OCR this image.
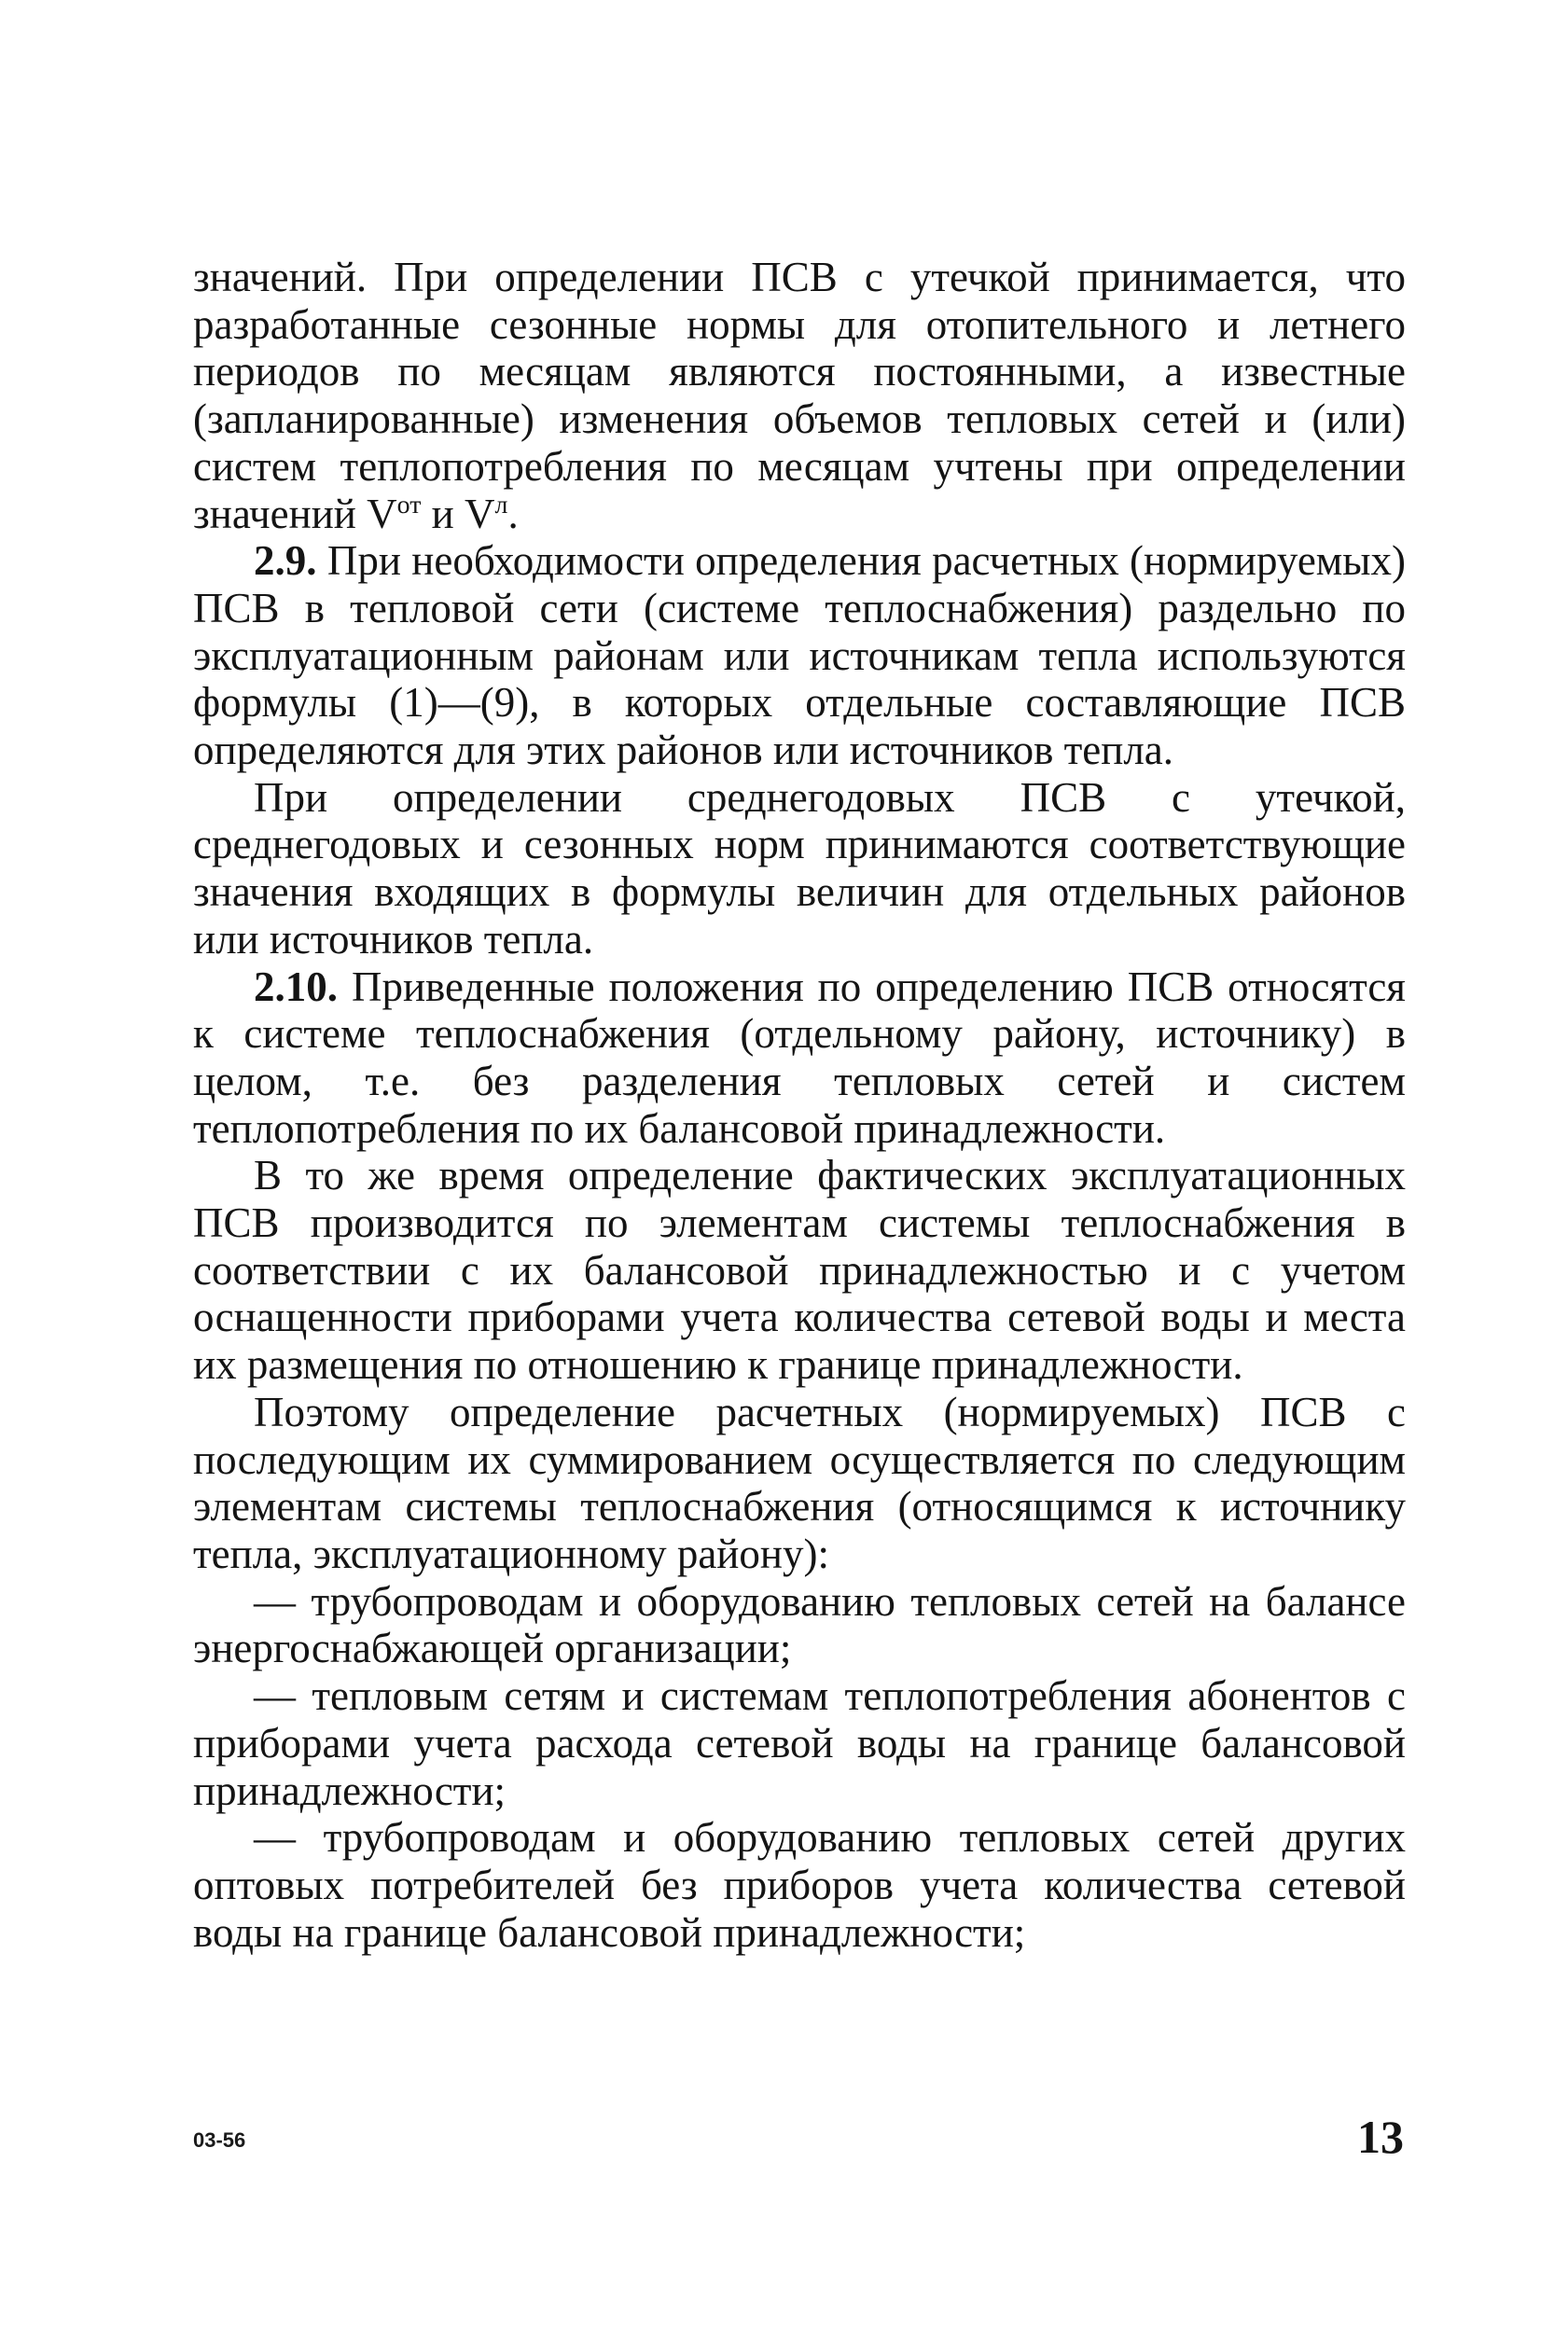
значений. При определении ПСВ с утечкой принимается, что разработанные сезонные нормы для отопительного и летнего периодов по месяцам являются постоянными, а известные (запланированные) изменения объемов тепловых сетей и (или) систем теплопотребления по месяцам учтены при определении значений $V^{от}$ и $V^л$.

2.9. При необходимости определения расчетных (нормируемых) ПСВ в тепловой сети (системе теплоснабжения) раздельно по эксплуатационным районам или источникам тепла используются формулы (1)—(9), в которых отдельные составляющие ПСВ определяются для этих районов или источников тепла.

При определении среднегодовых ПСВ с утечкой, среднегодовых и сезонных норм принимаются соответствующие значения входящих в формулы величин для отдельных районов или источников тепла.

2.10. Приведенные положения по определению ПСВ относятся к системе теплоснабжения (отдельному району, источнику) в целом, т.е. без разделения тепловых сетей и систем теплопотребления по их балансовой принадлежности.

В то же время определение фактических эксплуатационных ПСВ производится по элементам системы теплоснабжения в соответствии с их балансовой принадлежностью и с учетом оснащенности приборами учета количества сетевой воды и места их размещения по отношению к границе принадлежности.

Поэтому определение расчетных (нормируемых) ПСВ с последующим их суммированием осуществляется по следующим элементам системы теплоснабжения (относящимся к источнику тепла, эксплуатационному району):

— трубопроводам и оборудованию тепловых сетей на балансе энергоснабжающей организации;

— тепловым сетям и системам теплопотребления абонентов с приборами учета расхода сетевой воды на границе балансовой принадлежности;

— трубопроводам и оборудованию тепловых сетей других оптовых потребителей без приборов учета количества сетевой воды на границе балансовой принадлежности;

03-56	13
